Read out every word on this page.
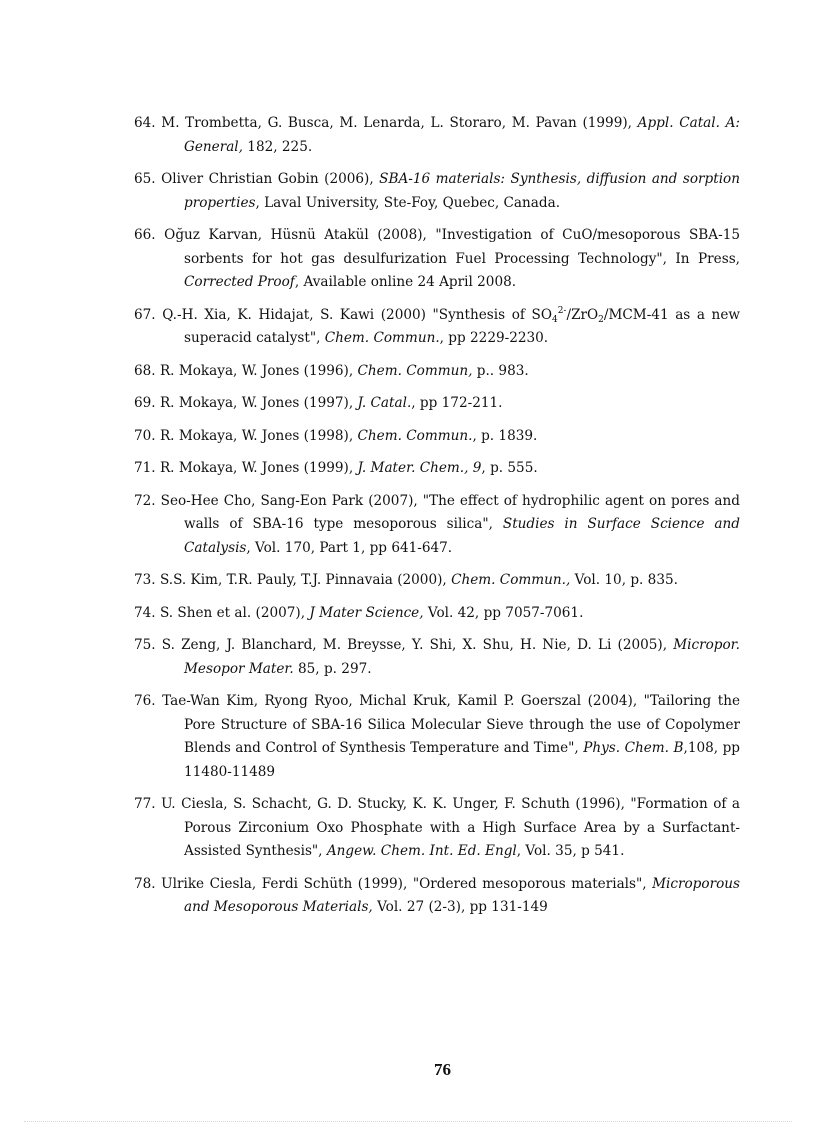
64. M. Trombetta, G. Busca, M. Lenarda, L. Storaro, M. Pavan (1999), Appl. Catal. A: General, 182, 225.

65. Oliver Christian Gobin (2006), SBA-16 materials: Synthesis, diffusion and sorption properties, Laval University, Ste-Foy, Quebec, Canada.

66. Oğuz Karvan, Hüsnü Atakül (2008), "Investigation of CuO/mesoporous SBA-15 sorbents for hot gas desulfurization Fuel Processing Technology", In Press, Corrected Proof, Available online 24 April 2008.

67. Q.-H. Xia, K. Hidajat, S. Kawi (2000) "Synthesis of $SO_4^{2-}/ZrO_2/MCM-41$ as a new superacid catalyst", Chem. Commun., pp 2229-2230.

68. R. Mokaya, W. Jones (1996), Chem. Commun, p.. 983.

69. R. Mokaya, W. Jones (1997), J. Catal., pp 172-211.

70. R. Mokaya, W. Jones (1998), Chem. Commun., p. 1839.

71. R. Mokaya, W. Jones (1999), J. Mater. Chem., 9, p. 555.

72. Seo-Hee Cho, Sang-Eon Park (2007), "The effect of hydrophilic agent on pores and walls of SBA-16 type mesoporous silica", Studies in Surface Science and Catalysis, Vol. 170, Part 1, pp 641-647.

73. S.S. Kim, T.R. Pauly, T.J. Pinnavaia (2000), Chem. Commun., Vol. 10, p. 835.

74. S. Shen et al. (2007), J Mater Science, Vol. 42, pp 7057-7061.

75. S. Zeng, J. Blanchard, M. Breysse, Y. Shi, X. Shu, H. Nie, D. Li (2005), Micropor. Mesopor Mater. 85, p. 297.

76. Tae-Wan Kim, Ryong Ryoo, Michal Kruk, Kamil P. Goerszal (2004), "Tailoring the Pore Structure of SBA-16 Silica Molecular Sieve through the use of Copolymer Blends and Control of Synthesis Temperature and Time", Phys. Chem. B,108, pp 11480-11489

77. U. Ciesla, S. Schacht, G. D. Stucky, K. K. Unger, F. Schuth (1996), "Formation of a Porous Zirconium Oxo Phosphate with a High Surface Area by a Surfactant-Assisted Synthesis", Angew. Chem. Int. Ed. Engl, Vol. 35, p 541.

78. Ulrike Ciesla, Ferdi Schüth (1999), "Ordered mesoporous materials", Microporous and Mesoporous Materials, Vol. 27 (2-3), pp 131-149

76
